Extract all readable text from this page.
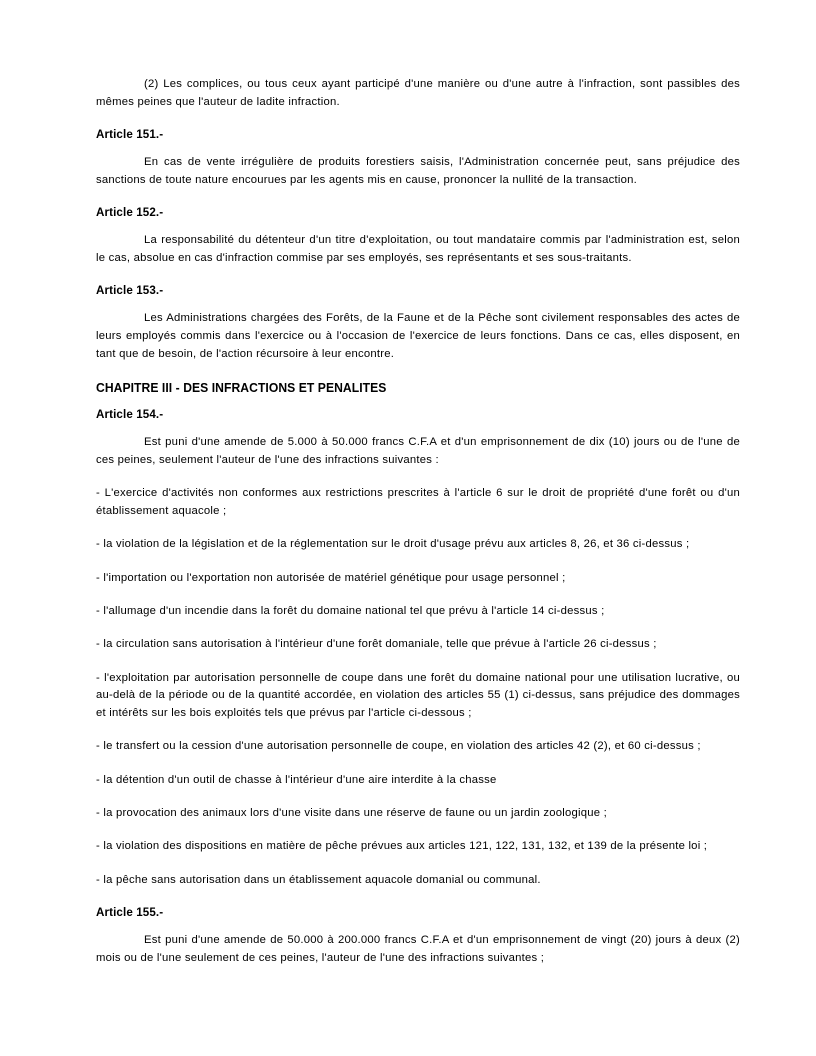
(2) Les complices, ou tous ceux ayant participé d'une manière ou d'une autre à l'infraction, sont passibles des mêmes peines que l'auteur de ladite infraction.

Article 151.-

En cas de vente irrégulière de produits forestiers saisis, l'Administration concernée peut, sans préjudice des sanctions de toute nature encourues par les agents mis en cause, prononcer la nullité de la transaction.

Article 152.-

La responsabilité du détenteur d'un titre d'exploitation, ou tout mandataire commis par l'administration est, selon le cas, absolue en cas d'infraction commise par ses employés, ses représentants et ses sous-traitants.

Article 153.-

Les Administrations chargées des Forêts, de la Faune et de la Pêche sont civilement responsables des actes de leurs employés commis dans l'exercice ou à l'occasion de l'exercice de leurs fonctions. Dans ce cas, elles disposent, en tant que de besoin, de l'action récursoire à leur encontre.

CHAPITRE III - DES INFRACTIONS ET PENALITES

Article 154.-

Est puni d'une amende de 5.000 à 50.000 francs C.F.A et d'un emprisonnement de dix (10) jours ou de l'une de ces peines, seulement l'auteur de l'une des infractions suivantes :

- L'exercice d'activités non conformes aux restrictions prescrites à l'article 6 sur le droit de propriété d'une forêt ou d'un établissement aquacole ;

- la violation de la législation et de la réglementation sur le droit d'usage prévu aux articles 8, 26, et 36 ci-dessus ;

- l'importation ou l'exportation non autorisée de matériel génétique pour usage personnel ;

- l'allumage d'un incendie dans la forêt du domaine national tel que prévu à l'article 14 ci-dessus ;

- la circulation sans autorisation à l'intérieur d'une forêt domaniale, telle que prévue à l'article 26 ci-dessus ;

- l'exploitation par autorisation personnelle de coupe dans une forêt du domaine national pour une utilisation lucrative, ou au-delà de la période ou de la quantité accordée, en violation des articles 55 (1) ci-dessus, sans préjudice des dommages et intérêts sur les bois exploités tels que prévus par l'article ci-dessous ;

- le transfert ou la cession d'une autorisation personnelle de coupe, en violation des articles 42 (2), et 60 ci-dessus ;

- la détention d'un outil de chasse à l'intérieur d'une aire interdite à la chasse

- la provocation des animaux lors d'une visite dans une réserve de faune ou un jardin zoologique ;

- la violation des dispositions en matière de pêche prévues aux articles 121, 122, 131, 132, et 139 de la présente loi ;

- la pêche sans autorisation dans un établissement aquacole domanial ou communal.

Article 155.-

Est puni d'une amende de 50.000 à 200.000 francs C.F.A et d'un emprisonnement de vingt (20) jours à deux (2) mois ou de l'une seulement de ces peines, l'auteur de l'une des infractions suivantes ;
